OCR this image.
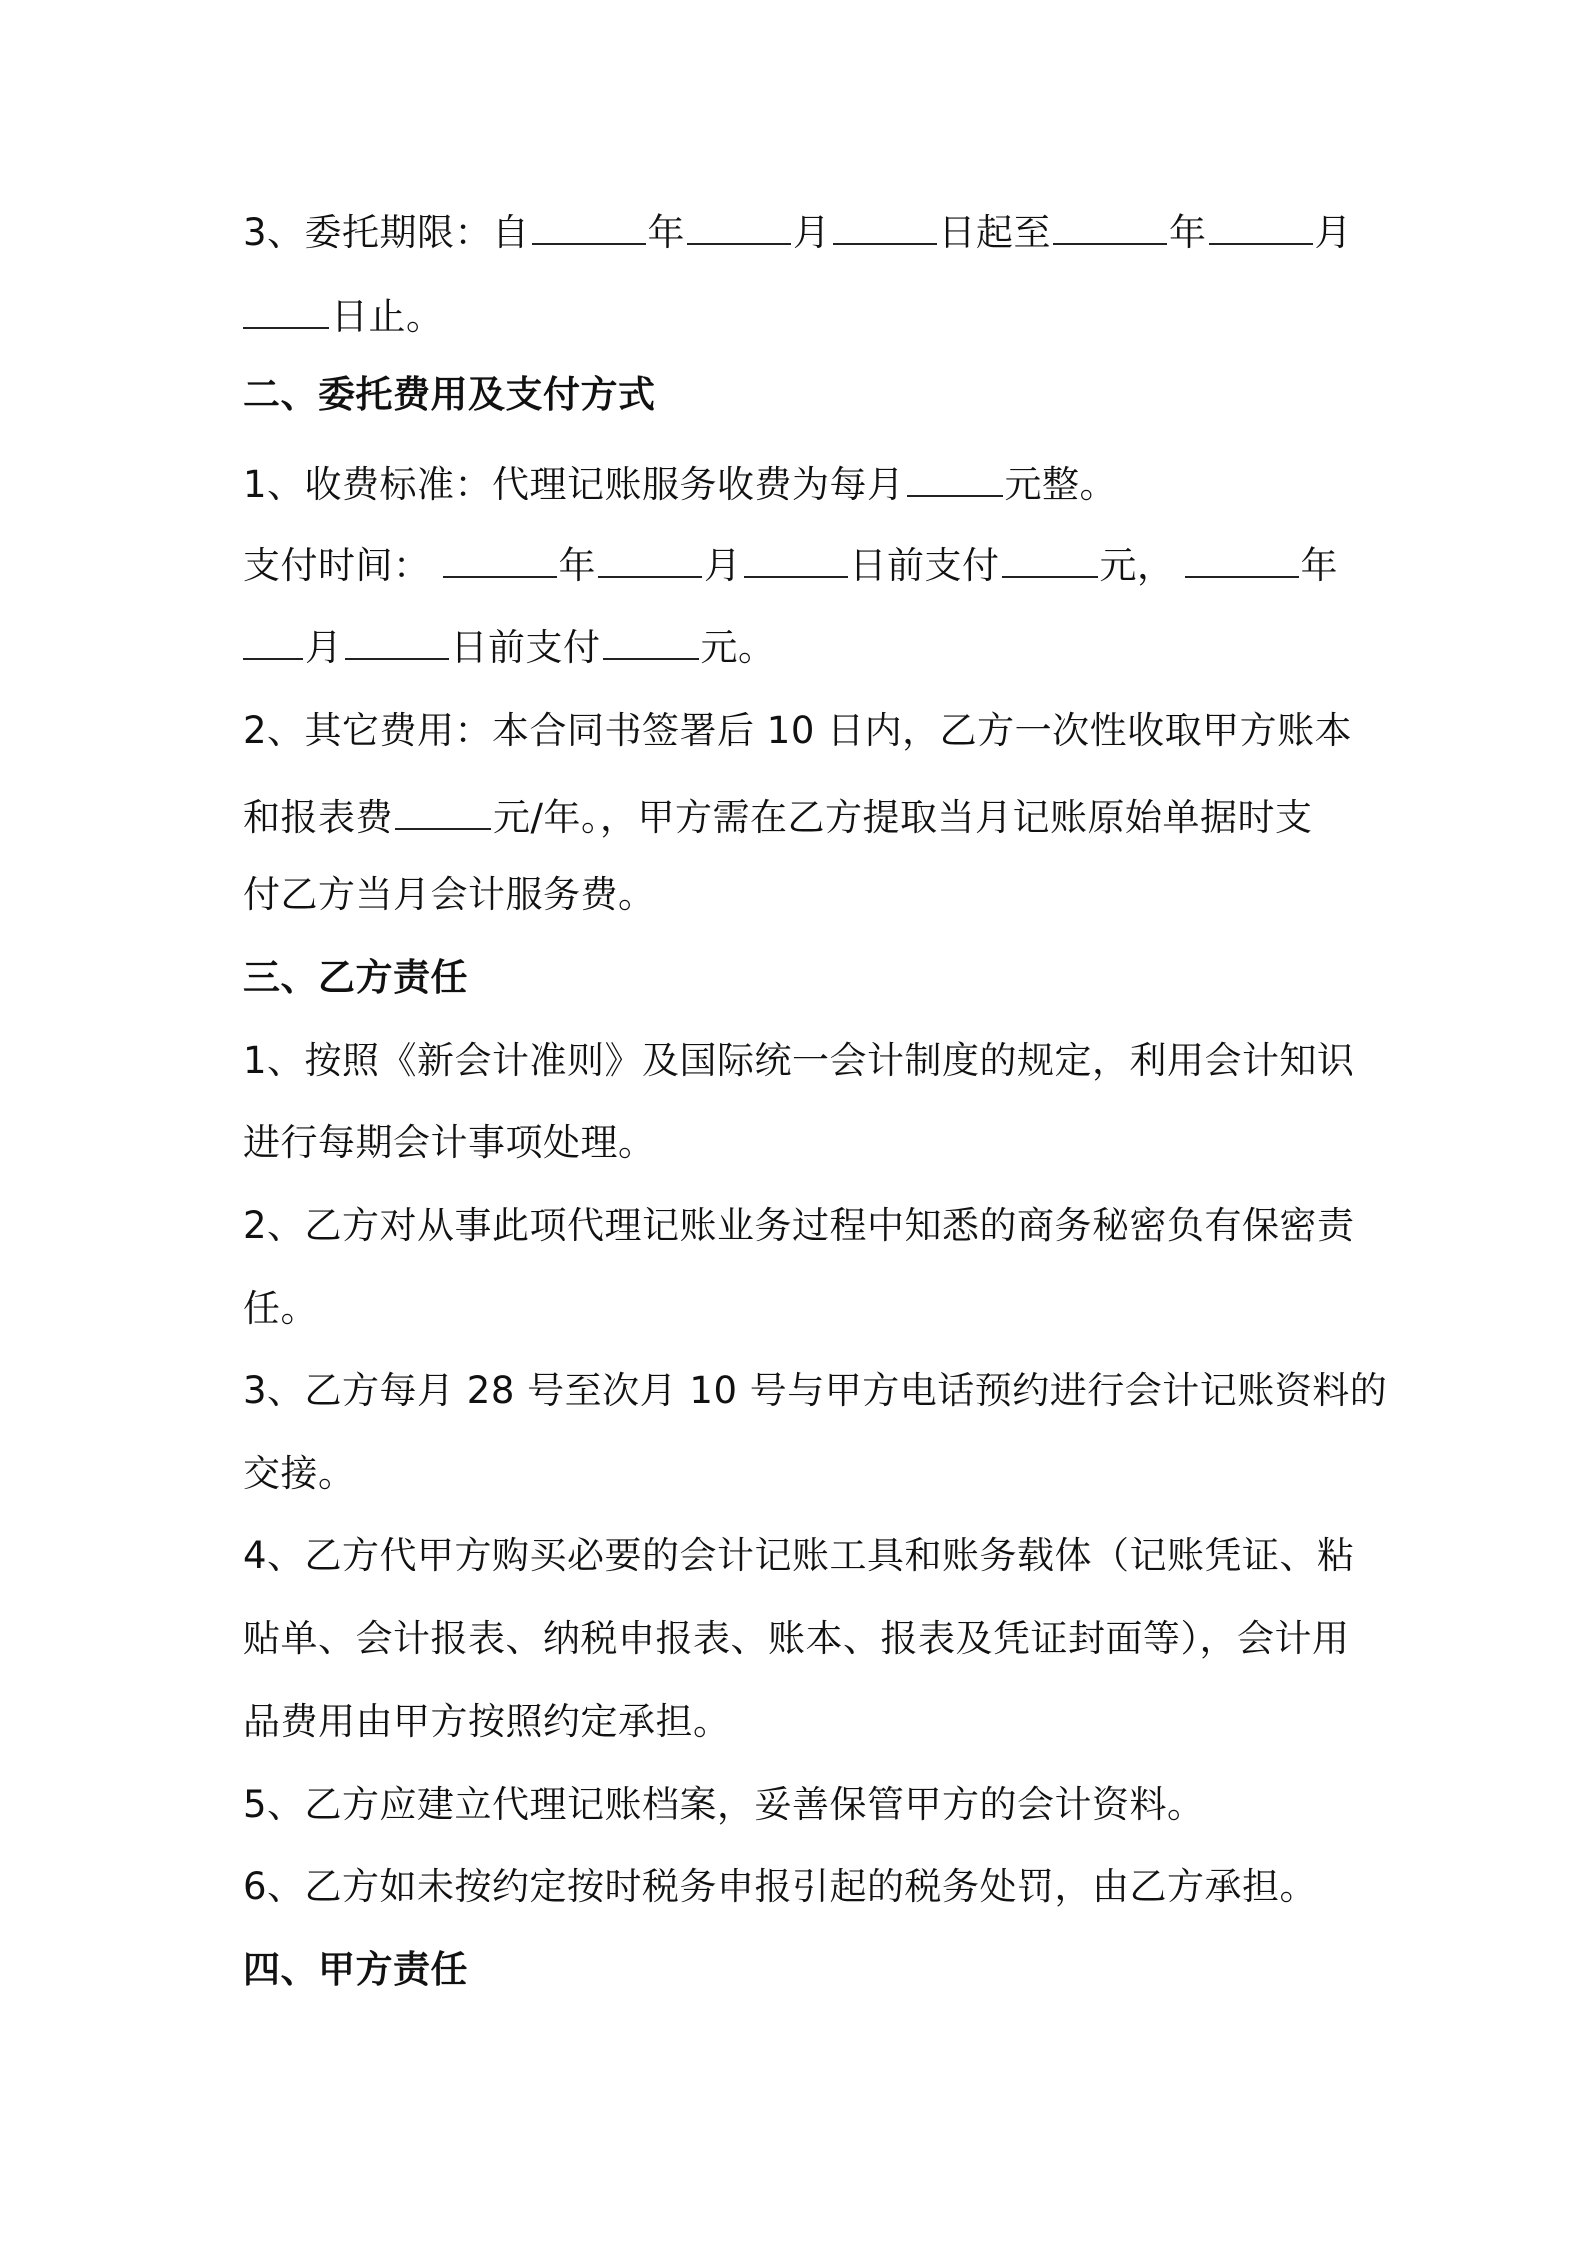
3、委托期限：自	年	月	日起至	年	月
日止。
二、委托费用及支付方式
1、收费标准：代理记账服务收费为每月	元整。
支付时间：	年	月	日前支付	元，	年
月	日前支付	元。
2、其它费用：本合同书签署后 10 日内，乙方一次性收取甲方账本
和报表费	元/年。，甲方需在乙方提取当月记账原始单据时支
付乙方当月会计服务费。
三、乙方责任
1、按照《新会计准则》及国际统一会计制度的规定，利用会计知识
进行每期会计事项处理。
2、乙方对从事此项代理记账业务过程中知悉的商务秘密负有保密责
任。
3、乙方每月 28 号至次月 10 号与甲方电话预约进行会计记账资料的
交接。
4、乙方代甲方购买必要的会计记账工具和账务载体（记账凭证、粘
贴单、会计报表、纳税申报表、账本、报表及凭证封面等），会计用
品费用由甲方按照约定承担。
5、乙方应建立代理记账档案，妥善保管甲方的会计资料。
6、乙方如未按约定按时税务申报引起的税务处罚，由乙方承担。
四、甲方责任
